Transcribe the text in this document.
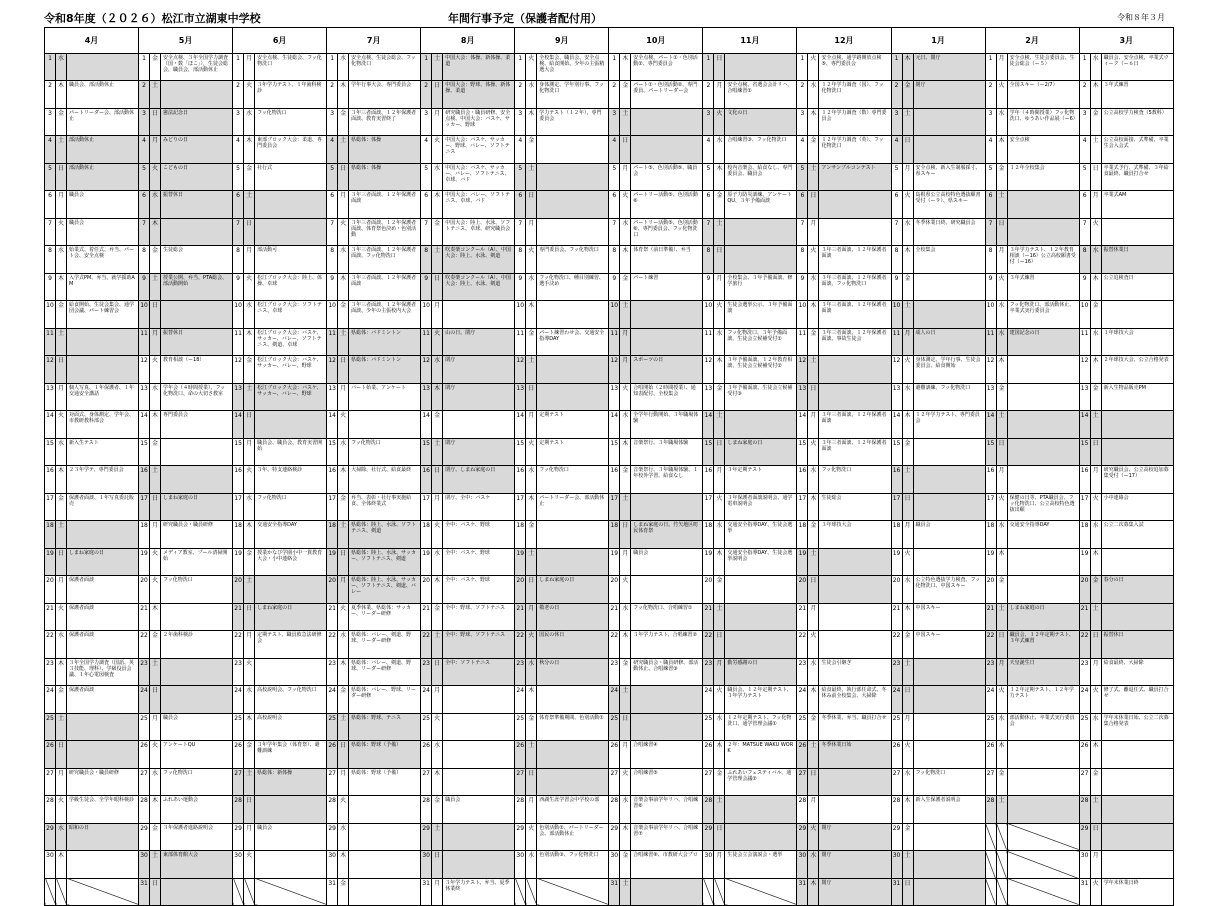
令和8年度（２０２６）松江市立湖東中学校	年間行事予定（保護者配付用）	令和８年３月
4月			5月			6月			7月			8月			9月			10月			11月			12月			1月			2月			3月		
1	水		1	金	安全点検、３年全国学力調査（国・数「ほこ」），生徒会総会，職員会，部活動休止	1	月	安全点検、生徒総会、フッ化物洗口	1	水	安全点検、生徒会総会、フッ化物洗口	1	土	中国大会：体操、新体操、柔道	1	火	全校集会、職員会、安全点検、給食開始、少年の主張精選大会	1	木	安全点検、パート①・色別活動②、専門委員会	1	日		1	火	安全点検、通学路開放点検⑤、専門委員会	1	木	元日、閉庁	1	月	安全点検、生徒会委員会、生徒会総会（ー５）	1	水	職員会、安全点検、卒業式ウィーク（ー６日
2	木	職員会、部活動休止	2	土		2	火	３年学力テスト、１年歯科検診	2	木	学年行事大会、専門委員会	2	日	中国大会：野球、体操、新体操、柔道	2	水	身体測定、学年別行事、フッ化物洗口	2	金	パート①・色別活動②、専門委員、パートリーダー会	2	月	安全点検、省選会会計リハ、合唱練習①	2	水	１２年学力調査（国）、フッ化物洗口	2	金	閉庁	2	火	全国スキー（ー2/7）	2	木	３年式練習
3	金	パートリーダー会、部活動休止	3	日	憲法記念日	3	水	フッ化物洗口	3	金	３年三者面談、１２年保護者面談、教育実習終了	3	月	研究職員会・職員研修、安全点検、中国大会：バスケ、サッカー、野球	3	木	学力テスト（１２年），専門委員会	3	土		3	火	文化の日	3	木	１２年学力調査（数）専門委員会	3	土		3	水	学年（４時間授業）フッ化物洗口、ゆうあい作品展（ー6）	3	金	公立高校学力検査（5教科）
4	土	部活動休止	4	月	みどりの日	4	木	東部ブロック大会：柔道、専門委員会	4	土	県総体：体操	4	火	中国大会：バスケ、サッカー、野球、バレー、ソフトテニス	4	金		4	日		4	水	合唱練習③、フッ化物洗口	4	金	１２年学力調査（英）、フッ化物洗口	4	日		4	木	安全点検	4	土	公立高校面接、式準備、卒業生会入会式
5	日	部活動休止	5	火	こどもの日	5	金	社行式	5	日	県総体：体操	5	水	中国大会：バスケ、サッカー、バレー、ソフトテニス、卓球、バド	5	土		5	月	パート⑤、色別活動⑤、職員会	5	木	校内音楽会、給食なし、専門委員会、職員会	5	土	アンサンブルコンテスト	5	月	安全点検、新入生制服採寸、県スキー	5	金	１２年全校集会	5	日	卒業式予行、式準備、３年給食最終、職員打合せ
6	月	職員会	6	水	振替休日	6	土		6	月	３年三者面談、１２年保護者面談	6	木	中国大会：バレー、ソフトテニス、卓球、バド	6	日		6	火	パートリー活動⑤、色別活動⑥	6	金	原子力防災訓練、アンケートQU、３年予備面談	6	日		6	火	島根県公立高校特色選抜願書受付（ー９）、県スキー	6	土		6	月	卒業式AM
7	火	職員会	7	木		7	日		7	火	３年三者面談、１２年保護者面談、体育祭色決め・色別活動	7	金	中国大会：陸上、水泳、ソフトテニス、卓球、研究職員会	7	月		7	水	パートリー活動⑤、色別活動⑥、専門委員会、フッ化物洗口	7	土		7	月		7	水	冬季休業日終、研究職員会	7	日		7	火	
8	水	始業式、着任式、弁当、パート会、安全点検	8	金	生徒総会	8	月	部活動可	8	水	３年三者面談、１２年保護者面談、フッ化物洗口	8	土	吹奏楽コンクール（A）、中国大会：陸上、水泳、剣道	8	火	専門委員会、フッ化物洗口	8	木	体育祭（前日準備）、弁当	8	日		8	火	３年三者面談、１２年保護者面談	8	木	全校集会	8	月	３年学力テスト、１２年教育相談（ー16）公立高校願書受付（ー16）	8	水	振替休業日
9	木	入学式PM、弁当、就学援助AM	9	土	授業公開、弁当、PTA総会、部活動開始	9	火	松江ブロック大会：陸上、体操、卓球	9	木	３年三者面談、１２年保護者面談	9	日	吹奏楽コンクール（A）、中国大会：陸上、水泳、剣道	9	水	フッ化物洗口、種目別練習、選手決め	9	金	パート練習	9	月	全校集会、３年予備面談、修学旅行	9	水	３年三者面談、１２年保護者面談、フッ化物洗口	9	金		9	火	３年式練習	9	木	公立追検査日
10	金	給食開始、生徒会集会、通学団会議、パート練習会	10	日		10	水	松江ブロック大会：ソフトテニス、卓球	10	金	３年三者面談、１２年保護者面談、少年の主張校内大会	10	月		10	木		10	土		10	火	生徒会選挙公示、３年予備面談	10	木	３年三者面談、１２年保護者面談	10	土		10	水	フッ化物洗口、部活動休止、卒業式実行委員会	10	金	
11	土		11	月	振替休日	11	木	松江ブロック大会：バスケ、サッカー、バレー、ソフトテニス、剣道、卓球	11	土	県総体：バドミントン	11	火	山の日、閉庁	11	金	パート練習わせ会、交通安全指導DAY	11	月		11	水	フッ化物洗口、３年予備面談、生徒会立候補受付①	11	金	３年三者面談、１２年保護者面談、事故生徒会	11	月	成人の日	11	水	建国記念の日	11	水	１年球技大会
12	日		12	火	教育相談（ー18）	12	金	松江ブロック大会：バスケ、サッカー、バレー、野球	12	日	県総体：バドミントン	12	水	閉庁	12	土		12	月	スポーツの日	12	木	３年予備面談、１２年教育相談、生徒会立候補受付②	12	土		12	火	身体測定、学年行事、生徒会委員会、給食開始	12	木		12	木	２年球技大会、公立合格発表
13	月	個人写真、１年保護者、１年交通安全講話	13	水	学年会（４時間授業）、フッ化物洗口、命の大切さ教室	13	土	松江ブロック大会：バスケ、サッカー、バレー、野球	13	月	バート始業、アンケート	13	木	閉庁	13	日		13	火	合唱開始（２時間授業）、通知表配付、全校集会	13	金	３年予備面談、生徒会立候補受付③	13	日		13	水	避難訓練、フッ化物洗口	13	金		13	金	新入生物品販売PM
14	火	対面式、身体測定、学年会、市教研教科部会	14	木	専門委員会	14	日		14	火		14	金		14	月	定期テスト	14	水	全学年行動開始、３年職場体験	14	土		14	月	３年三者面談、１２年保護者面談	14	木	１２年学力テスト、専門委員会	14	土		14	土	
15	水	新入生テスト	15	金		15	月	職員会、職員会、教育実習開始	15	水	フッ化物洗口	15	土	閉庁	15	火	定期テスト	15	木	音楽祭行、３年職場体験	15	日	しまね家庭の日	15	火	３年三者面談、１２年保護者面談	15	金		15	日		15	日	
16	木	２３年学テ、専門委員会	16	土		16	火	３年、特支連絡検診	16	木	大掃除、社行式、給食最終	16	日	閉庁、しまね家庭の日	16	水	フッ化物洗口	16	金	音楽祭行、３年職場体験、１年校外学習、給食なし	16	月	３年定期テスト	16	水	フッ化物洗口	16	土		16	月		16	月	研究職員会、公立高校追加募集受付（ー17）
17	金	保護者面談、１年写真委託販売	17	日	しまね家庭の日	17	水	フッ化物洗口	17	金	弁当、表彰・社行事実施給食、全体終業式	17	月	閉庁、全中：バスケ	17	木	パートリーダー会、部活動休止	17	土		17	火	３年保護者面談説明会、通学電車説明会	17	木	生徒総会	17	日		17	火	保健の日等、PTA職員会、フッ化物洗口、公立高校特色選抜出願	17	火	小中連絡会
18	土		18	月	研究職員会・職員研修	18	木	交通安全指導DAY	18	土	県総体：陸上、水泳、ソフトテニス、剣道	18	火	全中：バスケ、野球	18	金		18	日	しまね家庭の日、竹矢地区町民体育祭	18	水	交通安全指導DAY、生徒会選挙	18	金	３年球技大会	18	月	職員会	18	水	交通安全指導DAY	18	水	公立二次募集入試
19	日	しまね家庭の日	19	火	メディア教室、プール清掃開始	19	金	授業かなび学園小中一貫教育大会・小中連絡会	19	日	県総体：陸上、水泳、サッカー、ソフトテニス、剣道	19	水	全中：バスケ、野球	19	土		19	月	職員会	19	木	交通安全指導DAY、生徒会選挙説明会	19	土		19	火		19	木		19	木	
20	月	保護者面談	20	火	フッ化物洗口	20	土		20	月	県総体：陸上、水泳、サッカー、ソフトテニス、剣道、バレー	20	木	全中：バスケ、野球	20	日	しまね家庭の日	20	火		20	金		20	日		20	水	公立特色選抜学力検査、フッ化物洗口、中国スキー	20	金		20	金	春分の日
21	火	保護者面談	21	木		21	日	しまね家庭の日	21	火	夏季休業、県総体：サッカー、リーダー研修	21	金	全中：野球、ソフトテニス	21	月	敬老の日	21	水	フッ化物洗口、合唱練習①	21	土		21	月		21	木	中国スキー	21	土	しまね家庭の日	21	土	
22	水	保護者面談	22	金	２年歯科検診	22	月	定期テスト、職員救急法研修会	22	水	県総体：バレー、剣道、野球、リーダー研修	22	土	全中：野球、ソフトテニス	22	火	国民の休日	22	木	３年学力テスト、合唱練習②	22	日		22	火		22	金	中国スキー	22	日	職員会、１２年定期テスト、３年式練習	22	日	振替休日
23	木	３年全国学力調査（国語、英３技能、理科）、学級役員会議、１年心電図検査	23	土		23	火		23	木	県総体：バレー、剣道、野球、リーダー研修	23	日	全中：ソフトテニス	23	水	秋分の日	23	金	研究職員会・職員研修、部活動休止、合唱練習③	23	月	勤労感謝の日	23	水	生徒会引継ぎ	23	土		23	月	天皇誕生日	23	月	給食最終、大掃除
24	金	保護者面談	24	日		24	水	高校説明会、フッ化物洗口	24	金	県総体：バレー、野球、リーダー研修	24	月		24	木		24	土		24	火	職員会、１２年定期テスト、３年学力テスト	24	木	給食最終、執行部任命式、冬休み前全校集会、大掃除	24	日		24	火	１２年定期テスト、１２年学力テスト	24	火	修了式、離退任式、職員打合せ
25	土		25	月	職員会	25	木	高校説明会	25	土	県総体：野球、テニス	25	火		25	金	体育祭準備期間、色別活動①	25	日		25	水	１２年定期テスト、フッ化物洗口、通学管理会議①	25	金	冬季休業、弁当、職員打合せ	25	月		25	水	部活動休止、卒業式実行委員会	25	水	学年末休業日始、公立二次募集合格発表
26	日		26	火	アンケートQU	26	金	３年学年集会（体育祭）、避難訓練	26	日	県総体：野球（予備）	26	水		26	土		26	月	合唱練習④	26	木	２年：MATSUE WAKU WORK	26	土	冬季休業日始	26	火		26	木		26	木	
27	月	研究職員会・職員研修	27	水	フッ化物洗口	27	土	県総体：新体操	27	月	県総体：野球（予備）	27	木		27	日		27	火	合唱練習⑤	27	金	ふれあいフェスティバル、通学管理会議②	27	日		27	水	フッ化物洗口	27	金		27	金	
28	火	学級生徒会、全学年眼科検診	28	木	ふれあい運動会	28	日		28	火		28	金	職員会	28	月	西湖生涯学習会中学校の部	28	水	音楽会事前学年リハ、合唱練習⑥	28	土		28	月		28	木	新入生保護者説明会	28	土		28	土	
29	水	昭和の日	29	金	３年保護者進路説明会	29	月	職員会	29	水		29	土		29	火	色別活動②、パートリーダー会、部活動休止	29	木	音楽会事前学年リハ、合唱練習⑦	29	日		29	火	閉庁	29	金					29	日	
30	木		30	土	東部体育館大会	30	火		30	木		30	日		30	水	色別活動③、フッ化物洗口	30	金	合唱練習⑧、市教研大会プロ	30	月	生徒会立会演説会・選挙	30	水	閉庁	30	土					30	月	
			31	日					31	金		31	月	３年学力テスト、弁当、夏季休業終				31	土					31	木	閉庁	31	日					31	火	学年末休業日終
